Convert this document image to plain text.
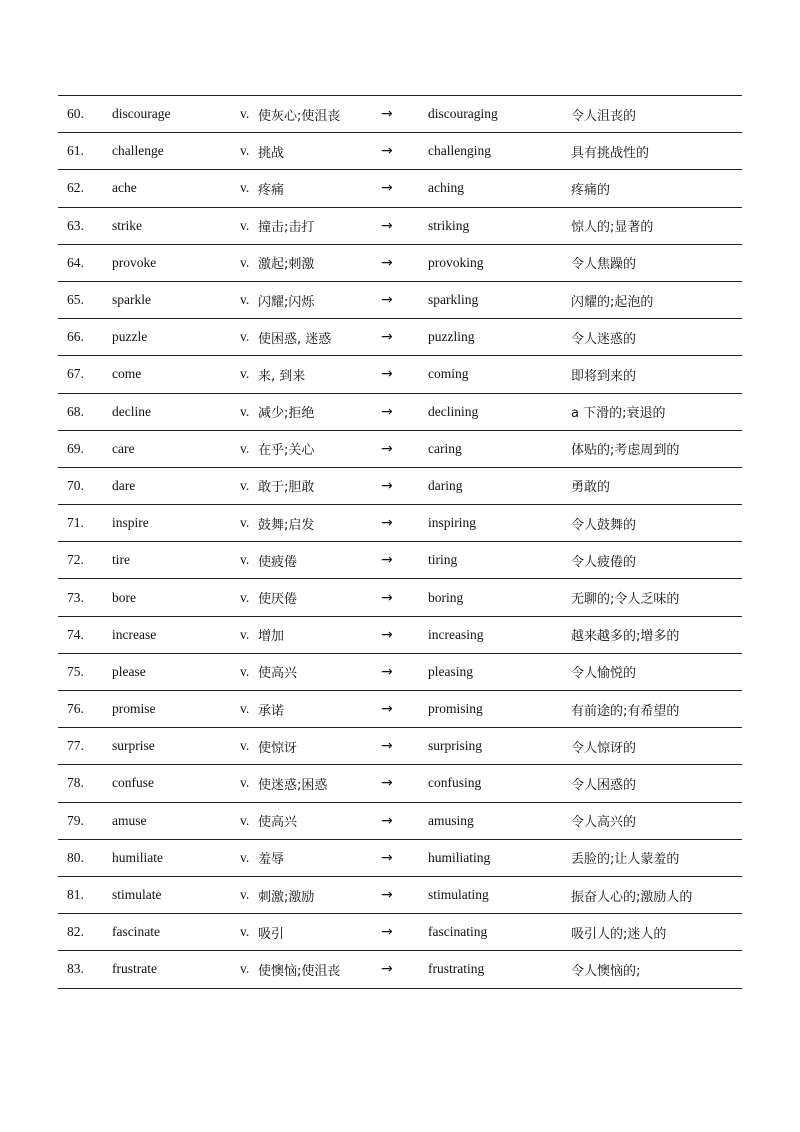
60. discourage	v. 使灰心;使沮丧	→	discouraging	令人沮丧的
61. challenge	v. 挑战	→	challenging	具有挑战性的
62. ache	v. 疼痛	→	aching	疼痛的
63. strike	v. 撞击;击打	→	striking	惊人的;显著的
64. provoke	v. 激起;刺激	→	provoking	令人焦躁的
65. sparkle	v. 闪耀;闪烁	→	sparkling	闪耀的;起泡的
66. puzzle	v. 使困惑, 迷惑	→	puzzling	令人迷惑的
67. come	v. 来, 到来	→	coming	即将到来的
68. decline	v. 减少;拒绝	→	declining	a 下滑的;衰退的
69. care	v. 在乎;关心	→	caring	体贴的;考虑周到的
70. dare	v. 敢于;胆敢	→	daring	勇敢的
71. inspire	v. 鼓舞;启发	→	inspiring	令人鼓舞的
72. tire	v. 使疲倦	→	tiring	令人疲倦的
73. bore	v. 使厌倦	→	boring	无聊的;令人乏味的
74. increase	v. 增加	→	increasing	越来越多的;增多的
75. please	v. 使高兴	→	pleasing	令人愉悦的
76. promise	v. 承诺	→	promising	有前途的;有希望的
77. surprise	v. 使惊讶	→	surprising	令人惊讶的
78. confuse	v. 使迷惑;困惑	→	confusing	令人困惑的
79. amuse	v. 使高兴	→	amusing	令人高兴的
80. humiliate	v. 羞辱	→	humiliating	丢脸的;让人蒙羞的
81. stimulate	v. 刺激;激励	→	stimulating	振奋人心的;激励人的
82. fascinate	v. 吸引	→	fascinating	吸引人的;迷人的
83. frustrate	v. 使懊恼;使沮丧	→	frustrating	令人懊恼的;
